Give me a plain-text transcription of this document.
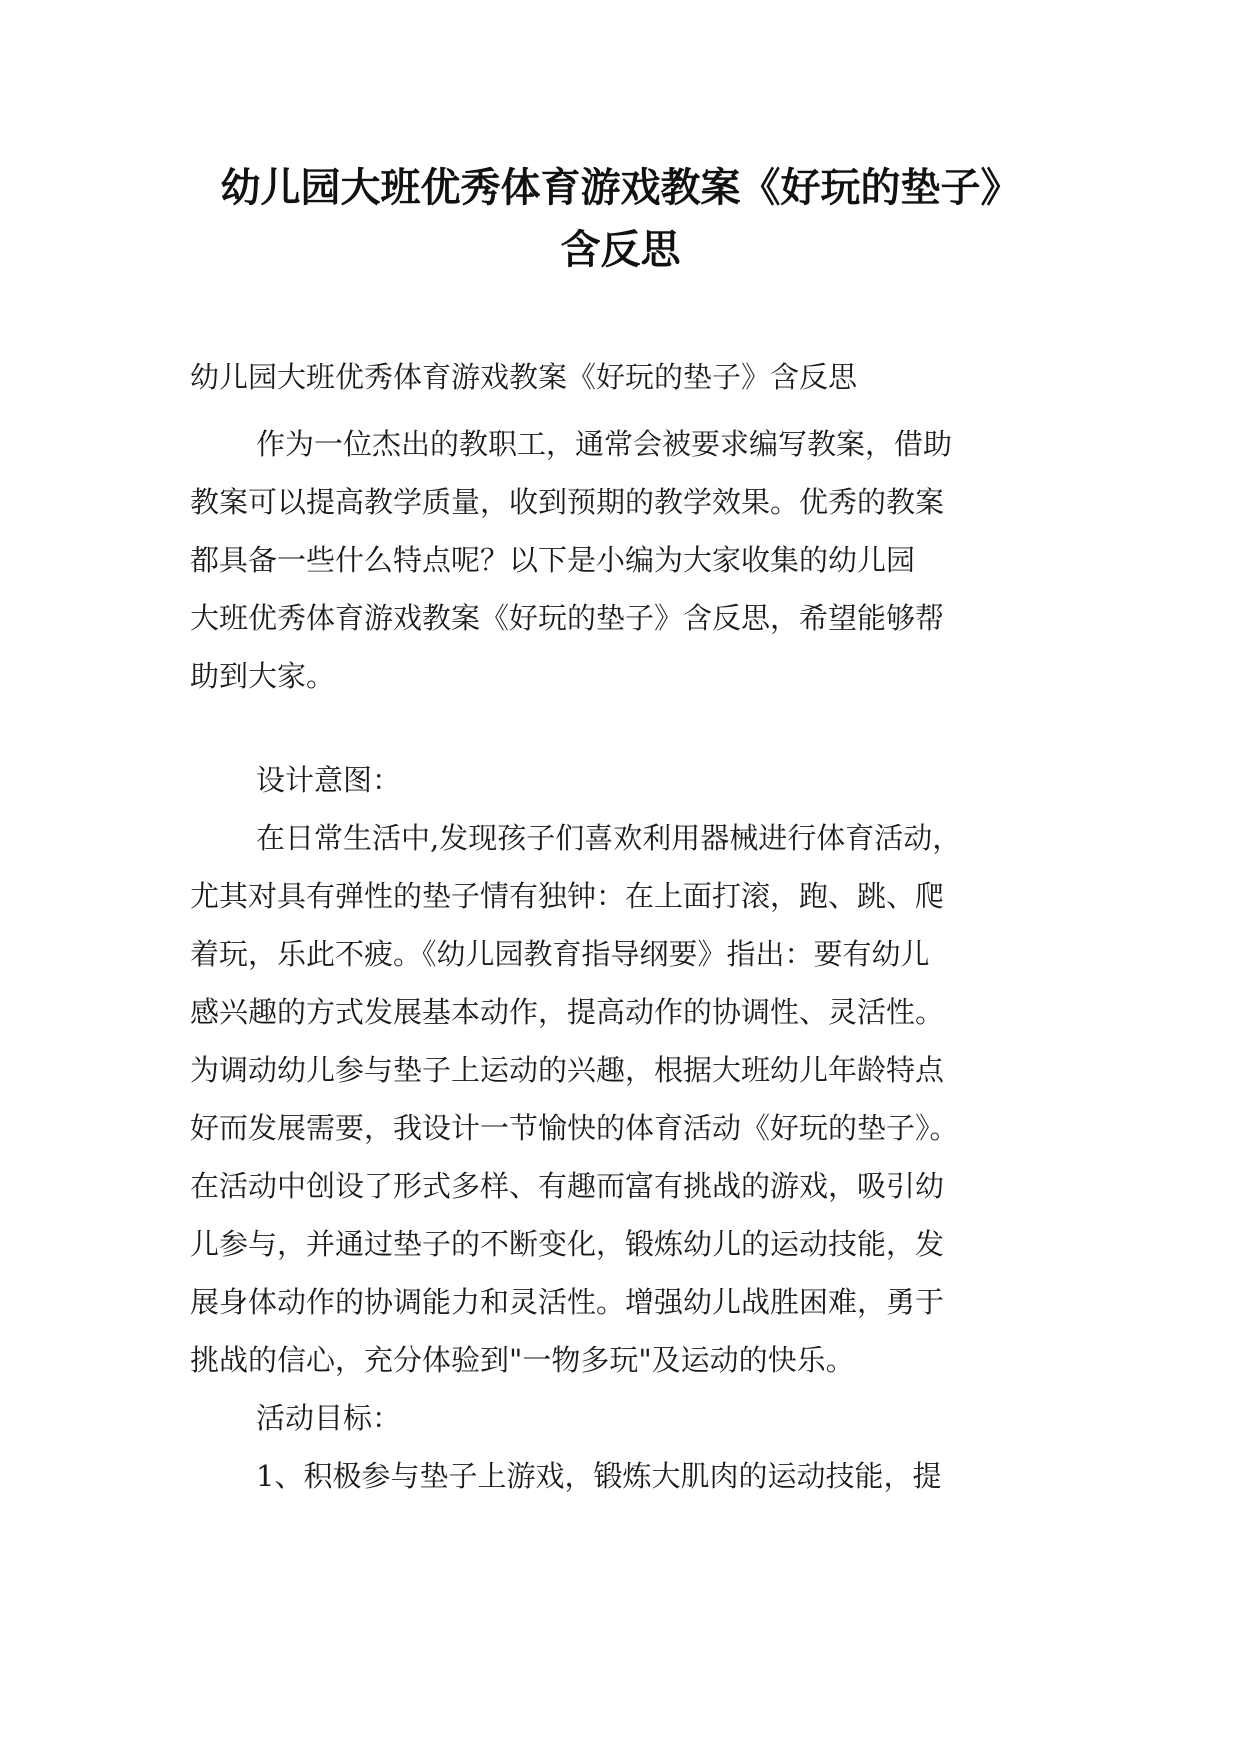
幼儿园大班优秀体育游戏教案《好玩的垫子》
含反思

幼儿园大班优秀体育游戏教案《好玩的垫子》含反思

作为一位杰出的教职工，通常会被要求编写教案，借助

教案可以提高教学质量，收到预期的教学效果。优秀的教案

都具备一些什么特点呢？以下是小编为大家收集的幼儿园

大班优秀体育游戏教案《好玩的垫子》含反思，希望能够帮

助到大家。

设计意图：

在日常生活中,发现孩子们喜欢利用器械进行体育活动，

尤其对具有弹性的垫子情有独钟：在上面打滚，跑、跳、爬

着玩，乐此不疲。《幼儿园教育指导纲要》指出：要有幼儿

感兴趣的方式发展基本动作，提高动作的协调性、灵活性。

为调动幼儿参与垫子上运动的兴趣，根据大班幼儿年龄特点

好而发展需要，我设计一节愉快的体育活动《好玩的垫子》。

在活动中创设了形式多样、有趣而富有挑战的游戏，吸引幼

儿参与，并通过垫子的不断变化，锻炼幼儿的运动技能，发

展身体动作的协调能力和灵活性。增强幼儿战胜困难，勇于

挑战的信心，充分体验到"一物多玩"及运动的快乐。

活动目标：

1、积极参与垫子上游戏，锻炼大肌肉的运动技能，提
